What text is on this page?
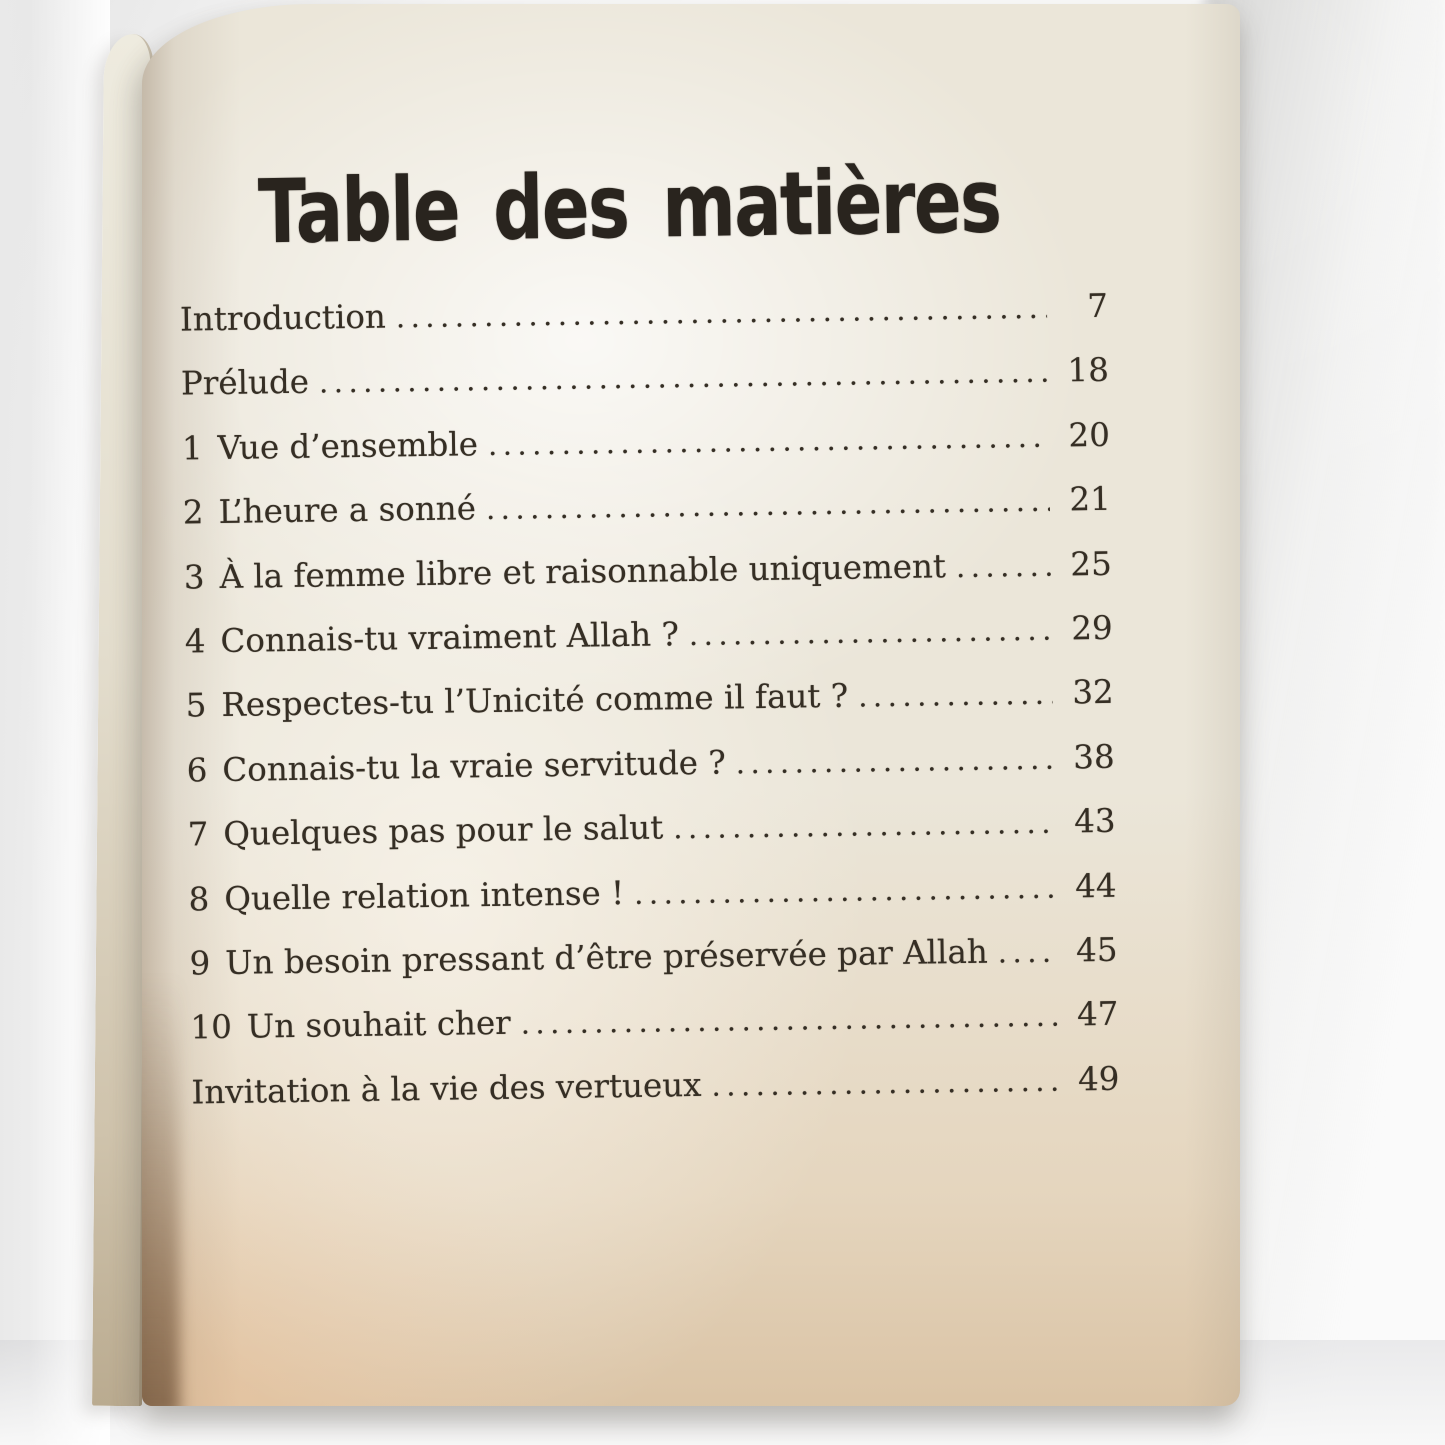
Table des matières
Introduction .....	7
Prélude .....	18
1 Vue d’ensemble .....	20
2 L’heure a sonné .....	21
3 À la femme libre et raisonnable uniquement .....	25
4 Connais-tu vraiment Allah ? .....	29
5 Respectes-tu l’Unicité comme il faut ? .....	32
6 Connais-tu la vraie servitude ? .....	38
7 Quelques pas pour le salut .....	43
8 Quelle relation intense ! .....	44
9 Un besoin pressant d’être préservée par Allah .....	45
10 Un souhait cher .....	47
Invitation à la vie des vertueux .....	49
